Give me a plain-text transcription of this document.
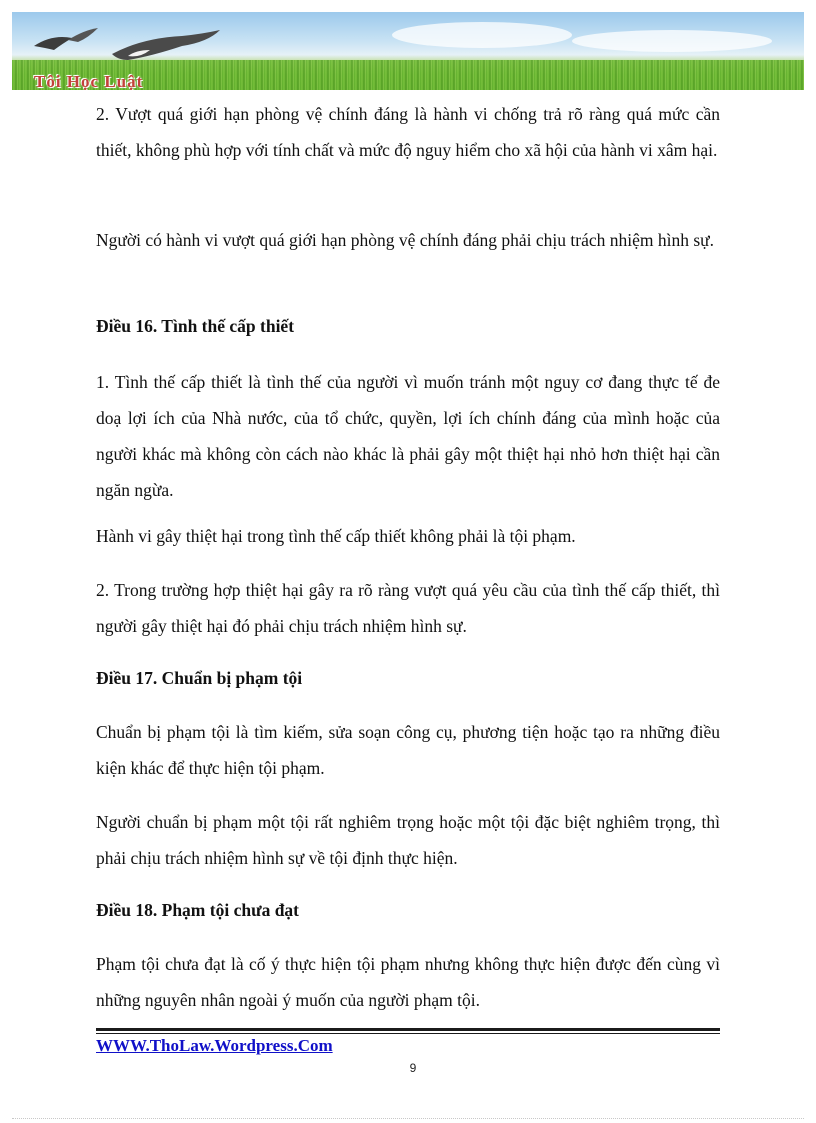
Tôi Học Luật

2. Vượt quá giới hạn phòng vệ chính đáng là hành vi chống trả rõ ràng quá mức cần thiết, không phù hợp với tính chất và mức độ nguy hiểm cho xã hội của hành vi xâm hại.

Người có hành vi vượt quá giới hạn phòng vệ chính đáng phải chịu trách nhiệm hình sự.

Điều 16. Tình thế cấp thiết

1. Tình thế cấp thiết là tình thế của người vì muốn tránh một nguy cơ đang thực tế đe doạ lợi ích của Nhà nước, của tổ chức, quyền, lợi ích chính đáng của mình hoặc của người khác mà không còn cách nào khác là phải gây một thiệt hại nhỏ hơn thiệt hại cần ngăn ngừa.

Hành vi gây thiệt hại trong tình thế cấp thiết không phải là tội phạm.

2. Trong trường hợp thiệt hại gây ra rõ ràng vượt quá yêu cầu của tình thế cấp thiết, thì người gây thiệt hại đó phải chịu trách nhiệm hình sự.

Điều 17. Chuẩn bị phạm tội

Chuẩn bị phạm tội là tìm kiếm, sửa soạn công cụ, phương tiện hoặc tạo ra những điều kiện khác để thực hiện tội phạm.

Người chuẩn bị phạm một tội rất nghiêm trọng hoặc một tội đặc biệt nghiêm trọng, thì phải chịu trách nhiệm hình sự về tội định thực hiện.

Điều 18. Phạm tội chưa đạt

Phạm tội chưa đạt là cố ý thực hiện tội phạm nhưng không thực hiện được đến cùng vì những nguyên nhân ngoài ý muốn của người phạm tội.

WWW.ThoLaw.Wordpress.Com
9
